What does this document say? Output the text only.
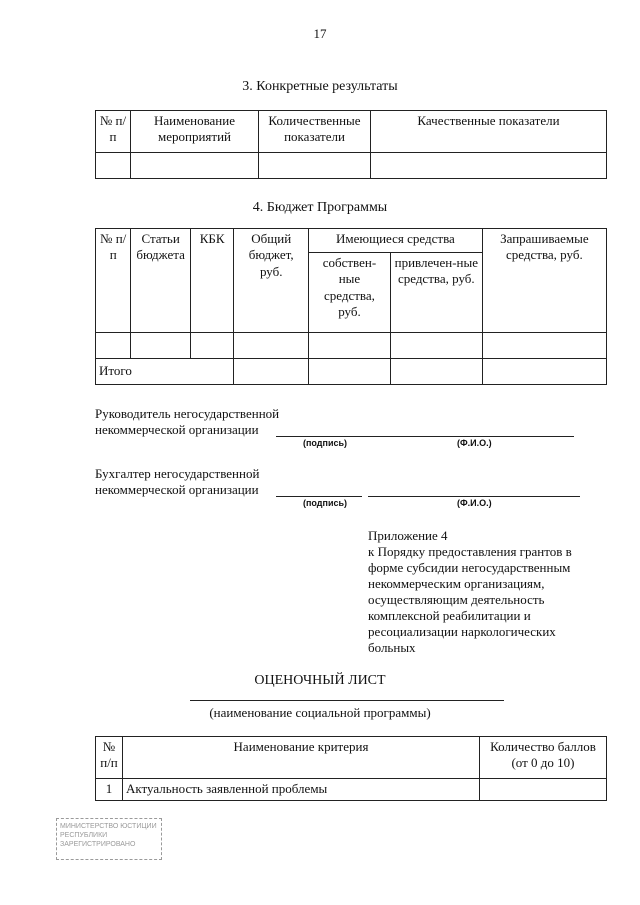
17
3. Конкретные результаты
№ п/п	Наименование мероприятий	Количественные показатели	Качественные показатели

4. Бюджет Программы
№ п/п	Статьи бюджета	КБК	Общий бюджет, руб.	Имеющиеся средства		Запрашиваемые средства, руб.
				собствен-ные средства, руб.	привлечен-ные средства, руб.	

Итого						
Руководитель негосударственной
некоммерческой организации
(подпись)	(Ф.И.О.)
Бухгалтер негосударственной
некоммерческой организации
(подпись)	(Ф.И.О.)
Приложение 4
к Порядку предоставления грантов в
форме субсидии негосударственным
некоммерческим организациям,
осуществляющим деятельность
комплексной реабилитации и
ресоциализации наркологических
больных
ОЦЕНОЧНЫЙ ЛИСТ
(наименование социальной программы)
№ п/п	Наименование критерия	Количество баллов (от 0 до 10)
1	Актуальность заявленной проблемы	
МИНИСТЕРСТВО ЮСТИЦИИ
РЕСПУБЛИКИ
ЗАРЕГИСТРИРОВАНО
